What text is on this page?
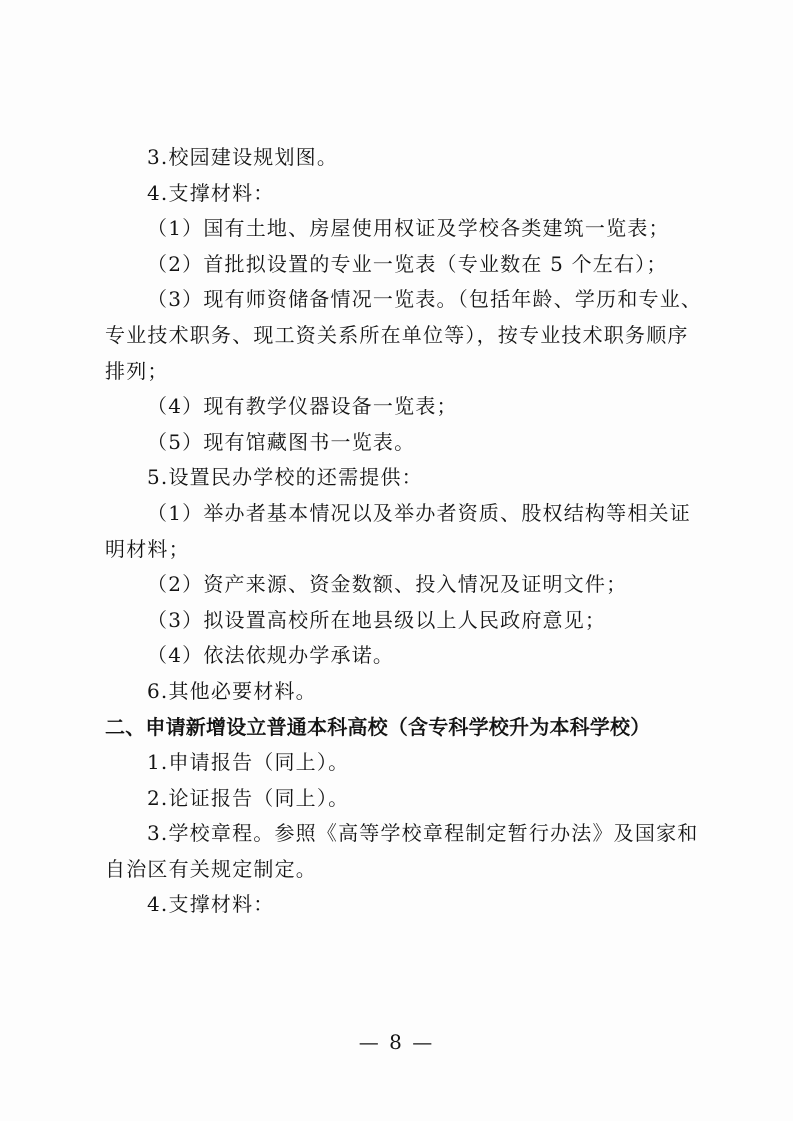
3.校园建设规划图。
4.支撑材料：
（1）国有土地、房屋使用权证及学校各类建筑一览表；
（2）首批拟设置的专业一览表（专业数在 5 个左右）；
（3）现有师资储备情况一览表。（包括年龄、学历和专业、
专业技术职务、现工资关系所在单位等），按专业技术职务顺序
排列；
（4）现有教学仪器设备一览表；
（5）现有馆藏图书一览表。
5.设置民办学校的还需提供：
（1）举办者基本情况以及举办者资质、股权结构等相关证
明材料；
（2）资产来源、资金数额、投入情况及证明文件；
（3）拟设置高校所在地县级以上人民政府意见；
（4）依法依规办学承诺。
6.其他必要材料。
二、申请新增设立普通本科高校（含专科学校升为本科学校）
1.申请报告（同上）。
2.论证报告（同上）。
3.学校章程。参照《高等学校章程制定暂行办法》及国家和
自治区有关规定制定。
4.支撑材料：
— 8 —
